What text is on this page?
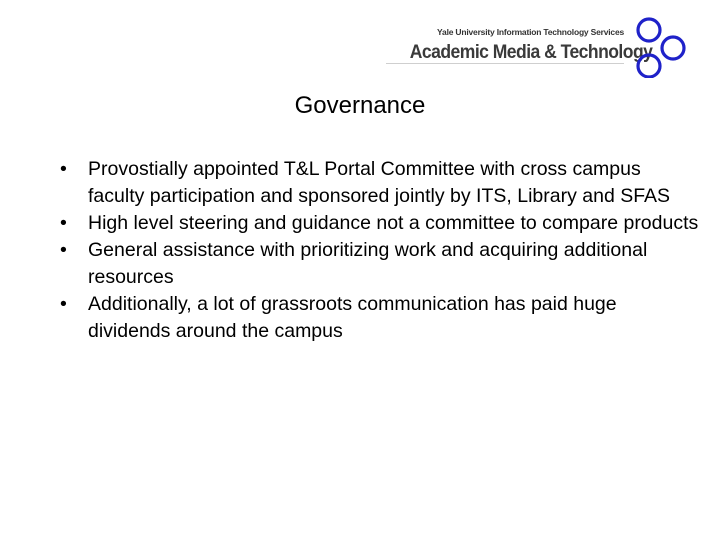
Yale University Information Technology Services
Academic Media & Technology
Governance
•	Provostially appointed T&L Portal Committee with cross campus faculty participation and sponsored jointly by ITS, Library and SFAS
•	High level steering and guidance not a committee to compare products
•	General assistance with prioritizing work and acquiring additional resources
•	Additionally, a lot of grassroots communication has paid huge dividends around the campus
